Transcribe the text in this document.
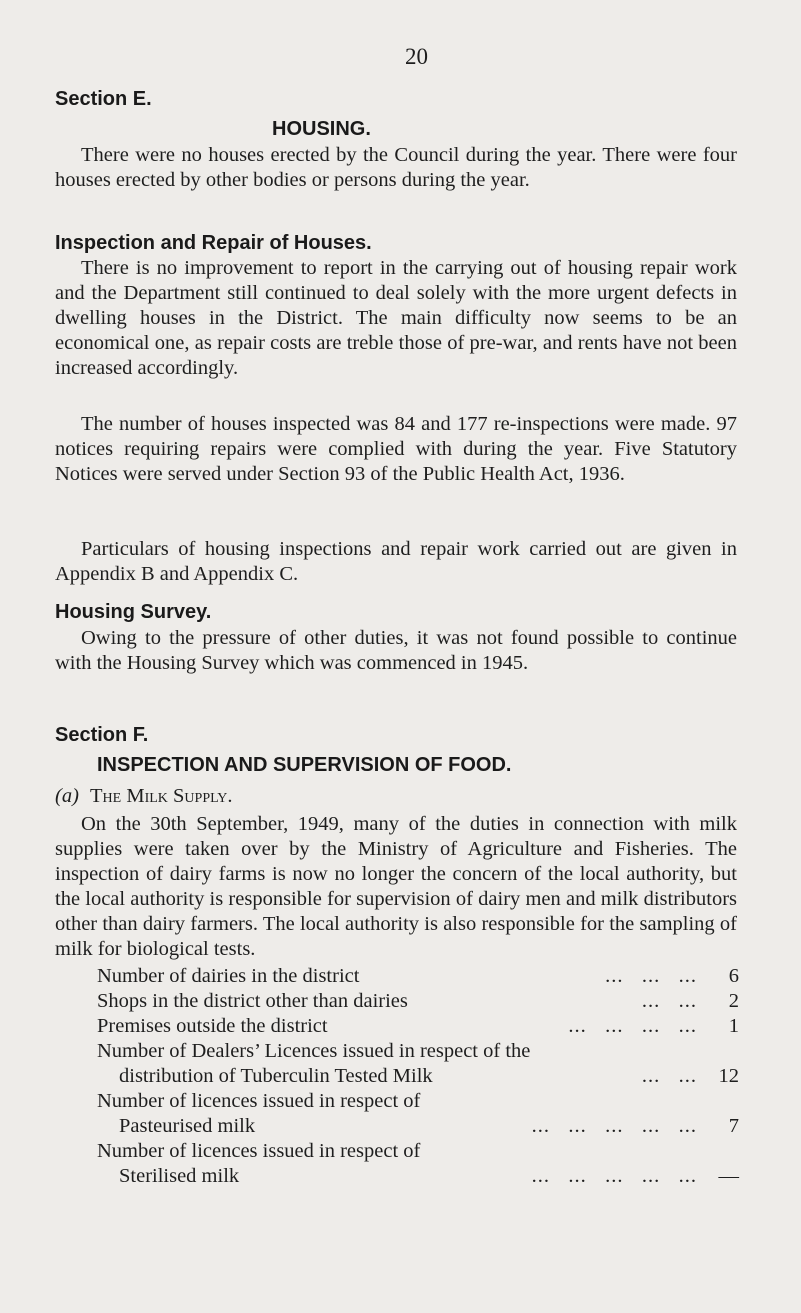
20
Section E.
HOUSING.

There were no houses erected by the Council during the year. There were four houses erected by other bodies or persons during the year.

Inspection and Repair of Houses.

There is no improvement to report in the carrying out of housing repair work and the Department still continued to deal solely with the more urgent defects in dwelling houses in the District. The main difficulty now seems to be an economical one, as repair costs are treble those of pre-war, and rents have not been increased accordingly.

The number of houses inspected was 84 and 177 re-inspections were made. 97 notices requiring repairs were complied with during the year. Five Statutory Notices were served under Section 93 of the Public Health Act, 1936.

Particulars of housing inspections and repair work carried out are given in Appendix B and Appendix C.

Housing Survey.

Owing to the pressure of other duties, it was not found possible to continue with the Housing Survey which was commenced in 1945.

Section F.
INSPECTION AND SUPERVISION OF FOOD.
(a) The Milk Supply.

On the 30th September, 1949, many of the duties in connection with milk supplies were taken over by the Ministry of Agriculture and Fisheries. The inspection of dairy farms is now no longer the concern of the local authority, but the local authority is responsible for supervision of dairy men and milk distributors other than dairy farmers. The local authority is also responsible for the sampling of milk for biological tests.

Number of dairies in the district	...   ...   ...	6
Shops in the district other than dairies	...   ...	2
Premises outside the district	...   ...   ...   ...	1
Number of Dealers’ Licences issued in respect of the
distribution of Tuberculin Tested Milk	...   ...	12
Number of licences issued in respect of
Pasteurised milk	...   ...   ...   ...   ...	7
Number of licences issued in respect of
Sterilised milk	...   ...   ...   ...   ...	—
